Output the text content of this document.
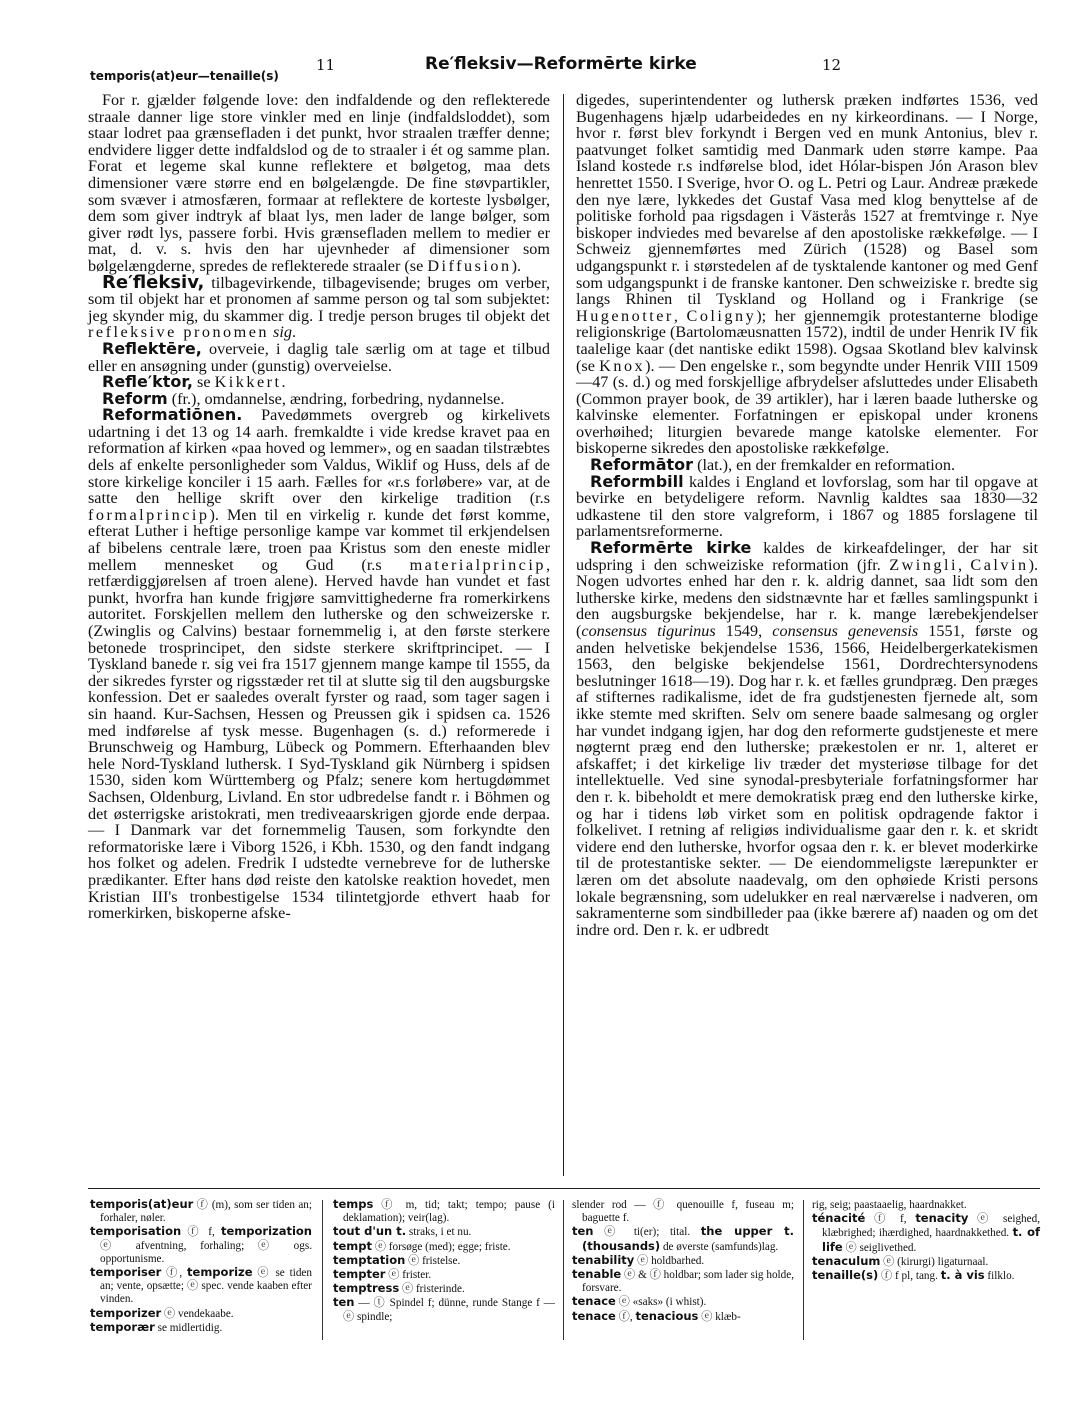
11	Re′fleksiv—Reformērte kirke	12
temporis(at)eur—tenaille(s)

For r. gjælder følgende love: den indfaldende og den reflekterede straale danner lige store vinkler med en linje (indfaldsloddet), som staar lodret paa grænsefladen i det punkt, hvor straalen træffer denne; endvidere ligger dette indfaldslod og de to straaler i ét og samme plan. Forat et legeme skal kunne reflektere et bølgetog, maa dets dimensioner være større end en bølgelængde. De fine støvpartikler, som svæver i atmosfæren, formaar at reflektere de korteste lysbølger, dem som giver indtryk af blaat lys, men lader de lange bølger, som giver rødt lys, passere forbi. Hvis grænsefladen mellem to medier er mat, d. v. s. hvis den har ujevnheder af dimensioner som bølgelængderne, spredes de reflekterede straaler (se Diffusion).

Re′fleksiv, tilbagevirkende, tilbagevisende; bruges om verber, som til objekt har et pronomen af samme person og tal som subjektet: jeg skynder mig, du skammer dig. I tredje person bruges til objekt det refleksive pronomen sig.

Reflektēre, overveie, i daglig tale særlig om at tage et tilbud eller en ansøgning under (gunstig) overveielse.

Refle′ktor, se Kikkert.

Reform (fr.), omdannelse, ændring, forbedring, nydannelse.

Reformatiōnen. Pavedømmets overgreb og kirkelivets udartning i det 13 og 14 aarh. fremkaldte i vide kredse kravet paa en reformation af kirken «paa hoved og lemmer», og en saadan tilstræbtes dels af enkelte personligheder som Valdus, Wiklif og Huss, dels af de store kirkelige konciler i 15 aarh. Fælles for «r.s forløbere» var, at de satte den hellige skrift over den kirkelige tradition (r.s formalprincip). Men til en virkelig r. kunde det først komme, efterat Luther i heftige personlige kampe var kommet til erkjendelsen af bibelens centrale lære, troen paa Kristus som den eneste midler mellem mennesket og Gud (r.s materialprincip, retfærdiggjørelsen af troen alene). Herved havde han vundet et fast punkt, hvorfra han kunde frigjøre samvittighederne fra romerkirkens autoritet. Forskjellen mellem den lutherske og den schweizerske r. (Zwinglis og Calvins) bestaar fornemmelig i, at den første sterkere betonede trosprincipet, den sidste sterkere skriftprincipet. — I Tyskland banede r. sig vei fra 1517 gjennem mange kampe til 1555, da der sikredes fyrster og rigsstæder ret til at slutte sig til den augsburgske konfession. Det er saaledes overalt fyrster og raad, som tager sagen i sin haand. Kur-Sachsen, Hessen og Preussen gik i spidsen ca. 1526 med indførelse af tysk messe. Bugenhagen (s. d.) reformerede i Brunschweig og Hamburg, Lübeck og Pommern. Efterhaanden blev hele Nord-Tyskland luthersk. I Syd-Tyskland gik Nürnberg i spidsen 1530, siden kom Württemberg og Pfalz; senere kom hertugdømmet Sachsen, Oldenburg, Livland. En stor udbredelse fandt r. i Böhmen og det østerrigske aristokrati, men trediveaarskrigen gjorde ende derpaa. — I Danmark var det fornemmelig Tausen, som forkyndte den reformatoriske lære i Viborg 1526, i Kbh. 1530, og den fandt indgang hos folket og adelen. Fredrik I udstedte vernebreve for de lutherske prædikanter. Efter hans død reiste den katolske reaktion hovedet, men Kristian III's tronbestigelse 1534 tilintetgjorde ethvert haab for romerkirken, biskoperne afske-

digedes, superintendenter og luthersk præken indførtes 1536, ved Bugenhagens hjælp udarbeidedes en ny kirkeordinans. — I Norge, hvor r. først blev forkyndt i Bergen ved en munk Antonius, blev r. paatvunget folket samtidig med Danmark uden større kampe. Paa Island kostede r.s indførelse blod, idet Hólar-bispen Jón Arason blev henrettet 1550. I Sverige, hvor O. og L. Petri og Laur. Andreæ prækede den nye lære, lykkedes det Gustaf Vasa med klog benyttelse af de politiske forhold paa rigsdagen i Västerås 1527 at fremtvinge r. Nye biskoper indviedes med bevarelse af den apostoliske rækkefølge. — I Schweiz gjennemførtes med Zürich (1528) og Basel som udgangspunkt r. i størstedelen af de tysktalende kantoner og med Genf som udgangspunkt i de franske kantoner. Den schweiziske r. bredte sig langs Rhinen til Tyskland og Holland og i Frankrige (se Hugenotter, Coligny); her gjennemgik protestanterne blodige religionskrige (Bartolomæusnatten 1572), indtil de under Henrik IV fik taalelige kaar (det nantiske edikt 1598). Ogsaa Skotland blev kalvinsk (se Knox). — Den engelske r., som begyndte under Henrik VIII 1509—47 (s. d.) og med forskjellige afbrydelser afsluttedes under Elisabeth (Common prayer book, de 39 artikler), har i læren baade lutherske og kalvinske elementer. Forfatningen er episkopal under kronens overhøihed; liturgien bevarede mange katolske elementer. For biskoperne sikredes den apostoliske rækkefølge.

Reformātor (lat.), en der fremkalder en reformation.

Reformbill kaldes i England et lovforslag, som har til opgave at bevirke en betydeligere reform. Navnlig kaldtes saa 1830—32 udkastene til den store valgreform, i 1867 og 1885 forslagene til parlamentsreformerne.

Reformērte kirke kaldes de kirkeafdelinger, der har sit udspring i den schweiziske reformation (jfr. Zwingli, Calvin). Nogen udvortes enhed har den r. k. aldrig dannet, saa lidt som den lutherske kirke, medens den sidstnævnte har et fælles samlingspunkt i den augsburgske bekjendelse, har r. k. mange lærebekjendelser (consensus tigurinus 1549, consensus genevensis 1551, første og anden helvetiske bekjendelse 1536, 1566, Heidelbergerkatekismen 1563, den belgiske bekjendelse 1561, Dordrechtersynodens beslutninger 1618—19). Dog har r. k. et fælles grundpræg. Den præges af stifternes radikalisme, idet de fra gudstjenesten fjernede alt, som ikke stemte med skriften. Selv om senere baade salmesang og orgler har vundet indgang igjen, har dog den reformerte gudstjeneste et mere nøgternt præg end den lutherske; prækestolen er nr. 1, alteret er afskaffet; i det kirkelige liv træder det mysteriøse tilbage for det intellektuelle. Ved sine synodal-presbyteriale forfatningsformer har den r. k. bibeholdt et mere demokratisk præg end den lutherske kirke, og har i tidens løb virket som en politisk opdragende faktor i folkelivet. I retning af religiøs individualisme gaar den r. k. et skridt videre end den lutherske, hvorfor ogsaa den r. k. er blevet moderkirke til de protestantiske sekter. — De eiendommeligste lærepunkter er læren om det absolute naadevalg, om den ophøiede Kristi persons lokale begrænsning, som udelukker en real nærværelse i nadveren, om sakramenterne som sindbilleder paa (ikke bærere af) naaden og om det indre ord. Den r. k. er udbredt

temporis(at)eur ⓕ (m), som ser tiden an; forhaler, nøler.

temporisation ⓕ f, temporization ⓔ afventning, forhaling; ⓔ ogs. opportunisme.

temporiser ⓕ, temporize ⓔ se tiden an; vente, opsætte; ⓔ spec. vende kaaben efter vinden.

temporizer ⓔ vendekaabe.

temporær se midlertidig.

temps ⓕ m, tid; takt; tempo; pause (i deklamation); veir(lag).

tout d'un t. straks, i et nu.

tempt ⓔ forsøge (med); egge; friste.

temptation ⓔ fristelse.

tempter ⓔ frister.

temptress ⓔ fristerinde.

ten — ⓣ Spindel f; dünne, runde Stange f — ⓔ spindle;

slender rod — ⓕ quenouille f, fuseau m; baguette f.

ten ⓔ ti(er); tital. the upper t. (thousands) de øverste (samfunds)lag.

tenability ⓔ holdbarhed.

tenable ⓔ & ⓕ holdbar; som lader sig holde, forsvare.

tenace ⓔ «saks» (i whist).

tenace ⓕ, tenacious ⓔ klæb-

rig, seig; paastaaelig, haardnakket.

ténacité ⓕ f, tenacity ⓔ seighed, klæbrighed; ihærdighed, haardnakkethed. t. of life ⓔ seiglivethed.

tenaculum ⓔ (kirurgi) ligaturnaal.

tenaille(s) ⓕ f pl, tang. t. à vis filklo.
